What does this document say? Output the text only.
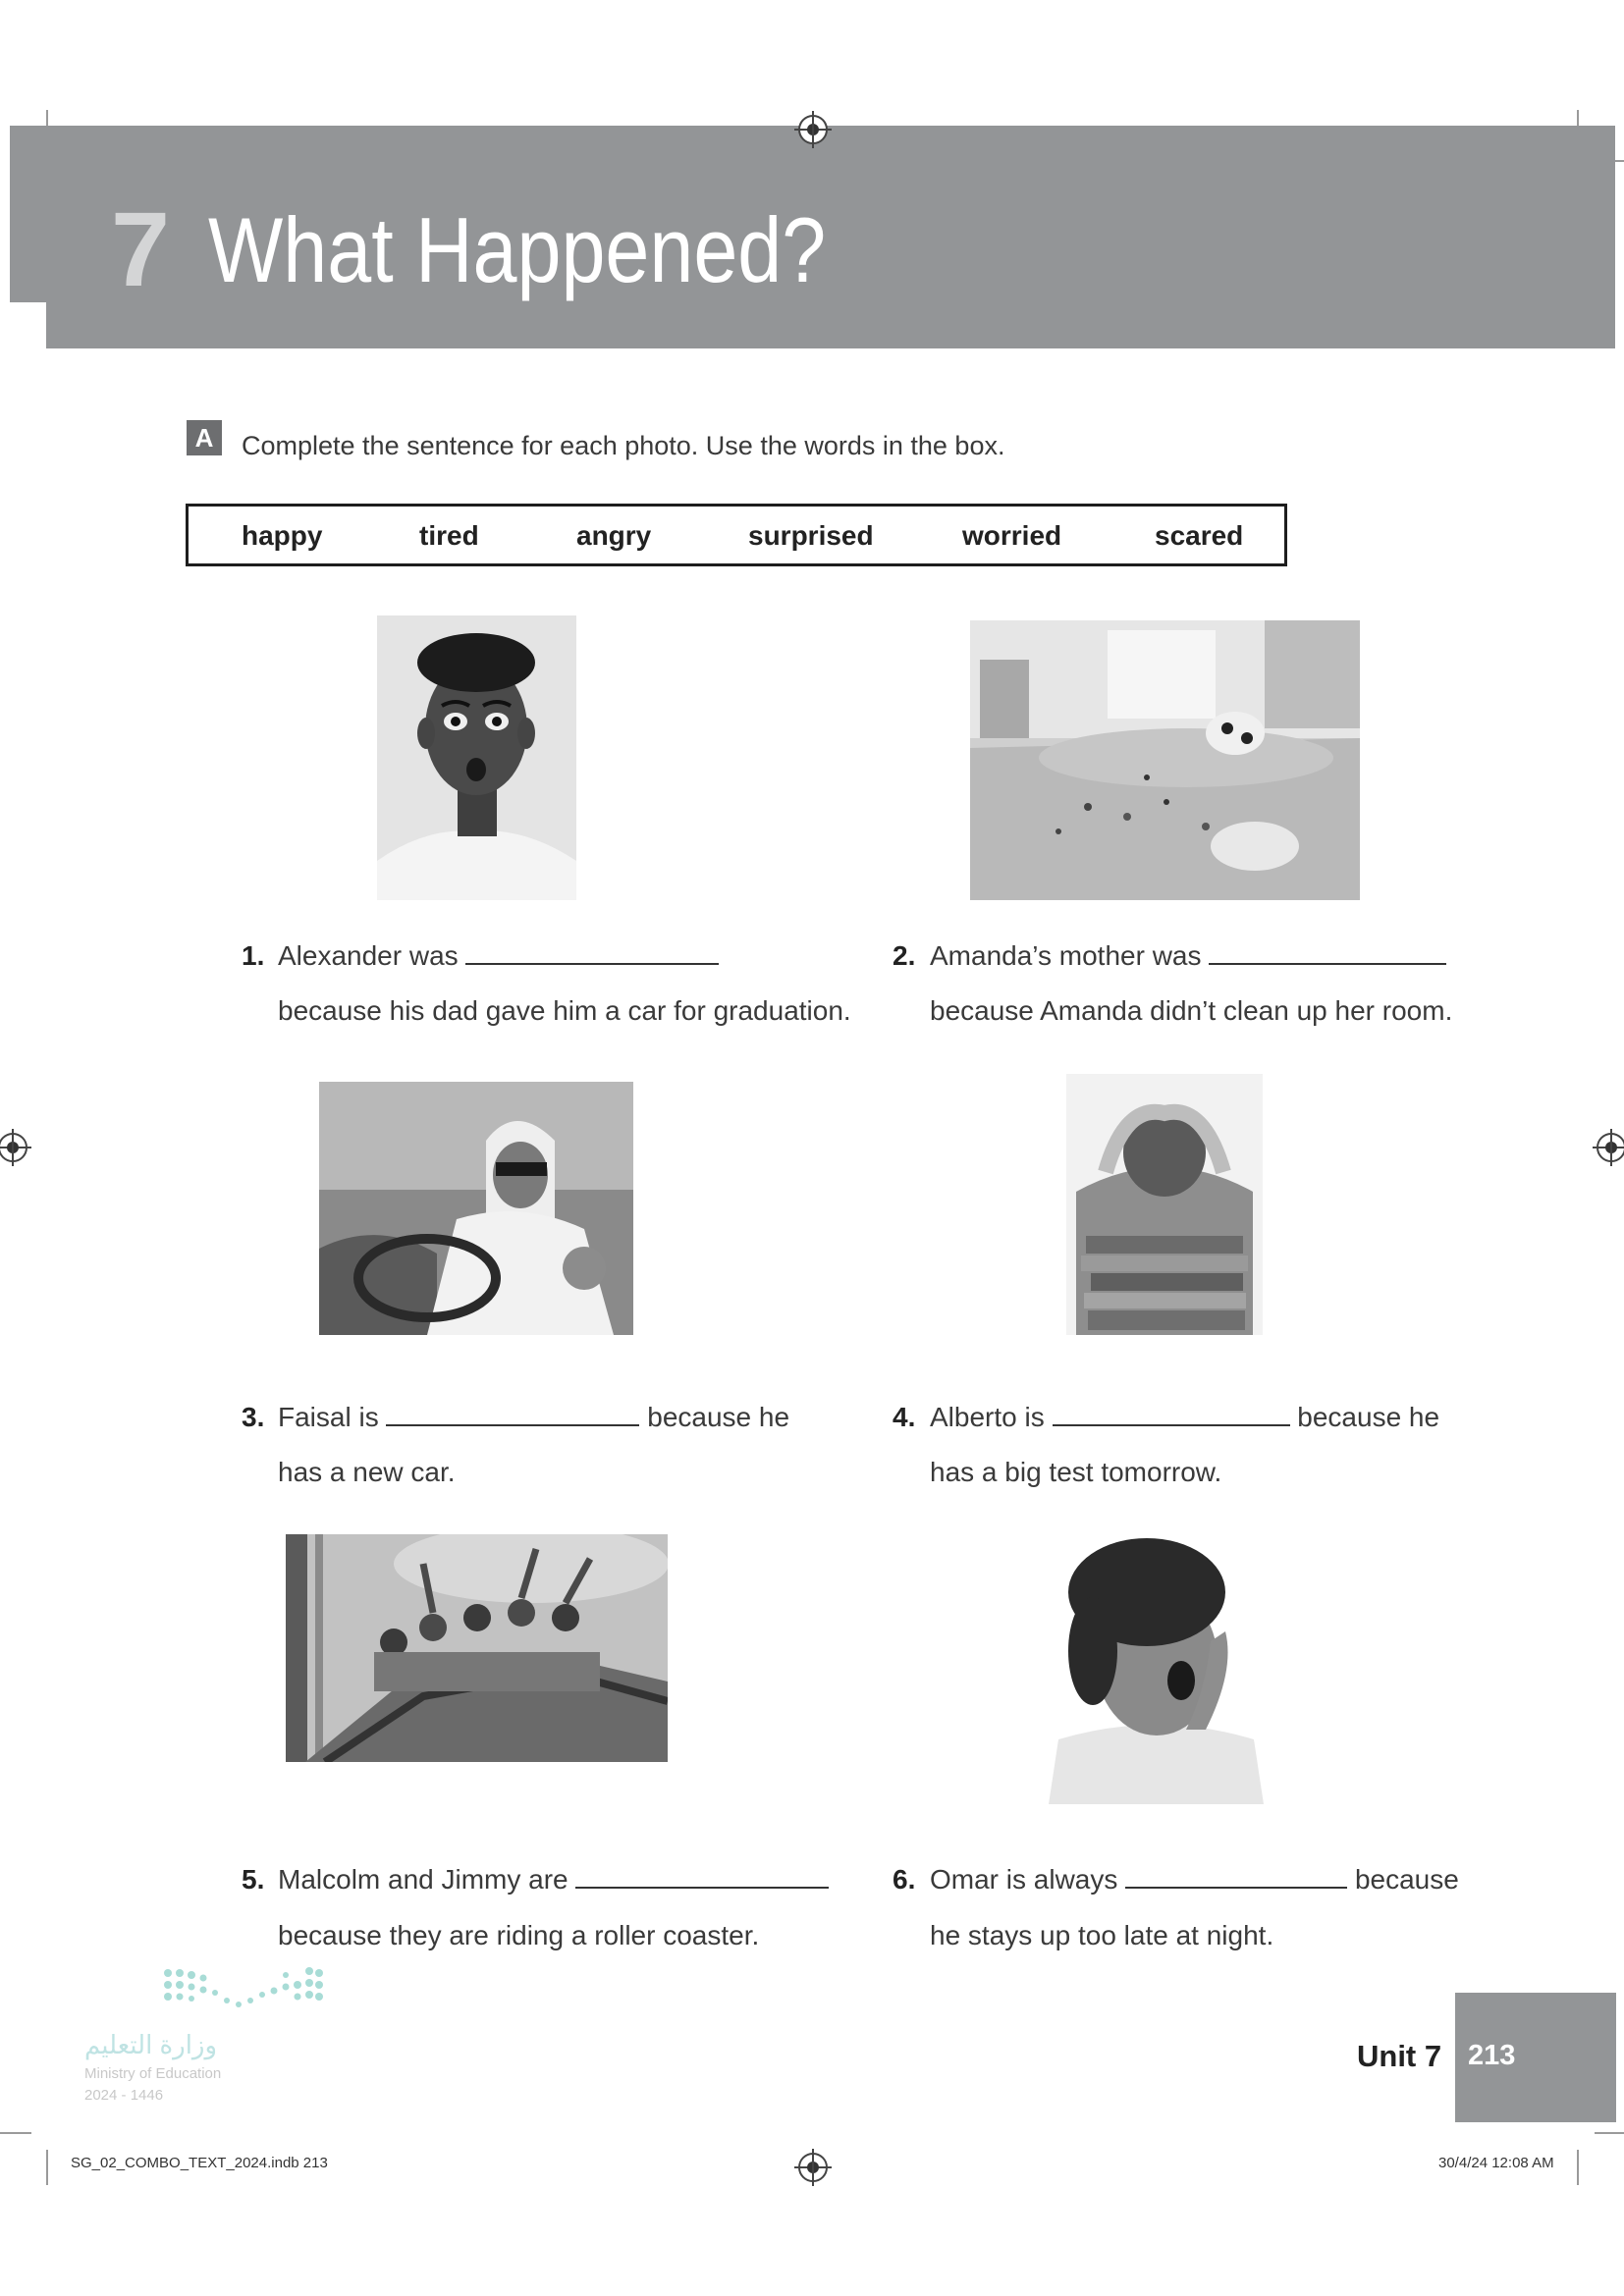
7 What Happened?
A	Complete the sentence for each photo. Use the words in the box.
happy	tired	angry	surprised	worried	scared
1. Alexander was
because his dad gave him a car for graduation.
2. Amanda’s mother was
because Amanda didn’t clean up her room.
3. Faisal is	because he
has a new car.
4. Alberto is	because he
has a big test tomorrow.
5. Malcolm and Jimmy are
because they are riding a roller coaster.
6. Omar is always	because
he stays up too late at night.
وزارة التعليم
Ministry of Education
2024 - 1446
Unit 7 213
SG_02_COMBO_TEXT_2024.indb 213	30/4/24 12:08 AM
